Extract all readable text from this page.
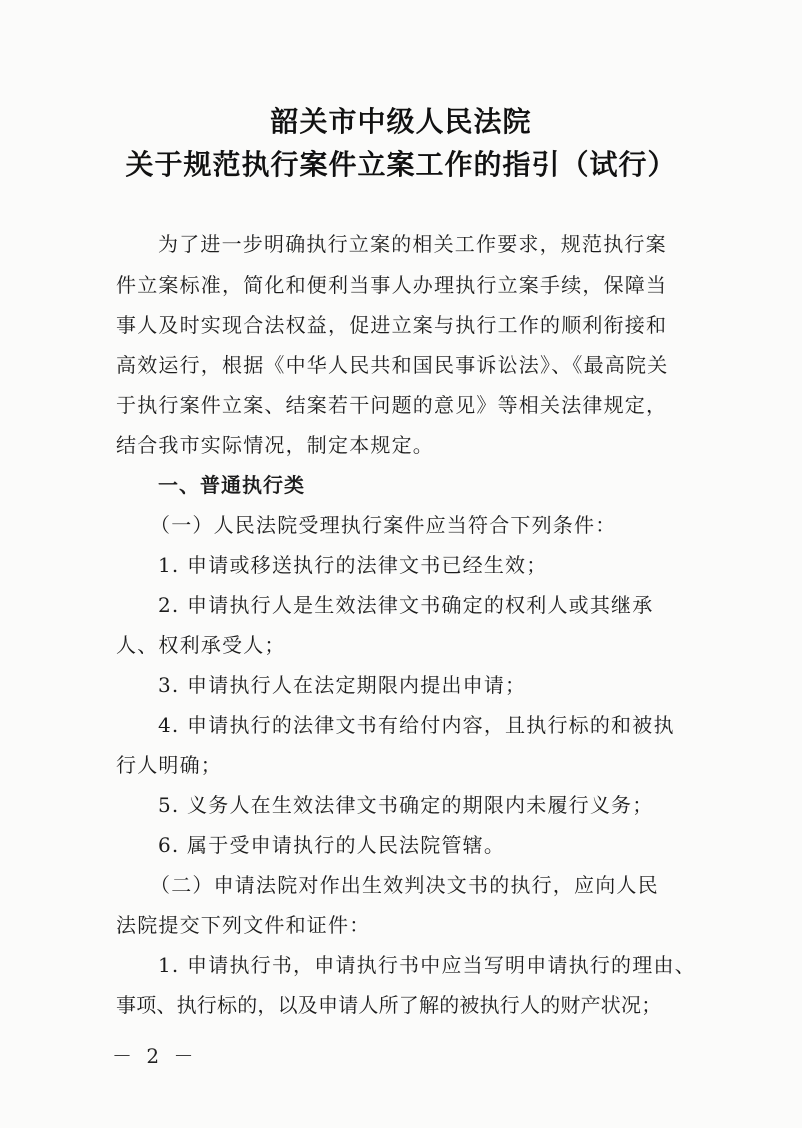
韶关市中级人民法院
关于规范执行案件立案工作的指引（试行）
为了进一步明确执行立案的相关工作要求，规范执行案
件立案标准，简化和便利当事人办理执行立案手续，保障当
事人及时实现合法权益，促进立案与执行工作的顺利衔接和
高效运行，根据《中华人民共和国民事诉讼法》、《最高院关
于执行案件立案、结案若干问题的意见》等相关法律规定，
结合我市实际情况，制定本规定。
一、普通执行类
（一）人民法院受理执行案件应当符合下列条件：
1. 申请或移送执行的法律文书已经生效；
2. 申请执行人是生效法律文书确定的权利人或其继承
人、权利承受人；
3. 申请执行人在法定期限内提出申请；
4. 申请执行的法律文书有给付内容，且执行标的和被执
行人明确；
5. 义务人在生效法律文书确定的期限内未履行义务；
6. 属于受申请执行的人民法院管辖。
（二）申请法院对作出生效判决文书的执行，应向人民
法院提交下列文件和证件：
1. 申请执行书，申请执行书中应当写明申请执行的理由、
事项、执行标的，以及申请人所了解的被执行人的财产状况；
－ 2 －
